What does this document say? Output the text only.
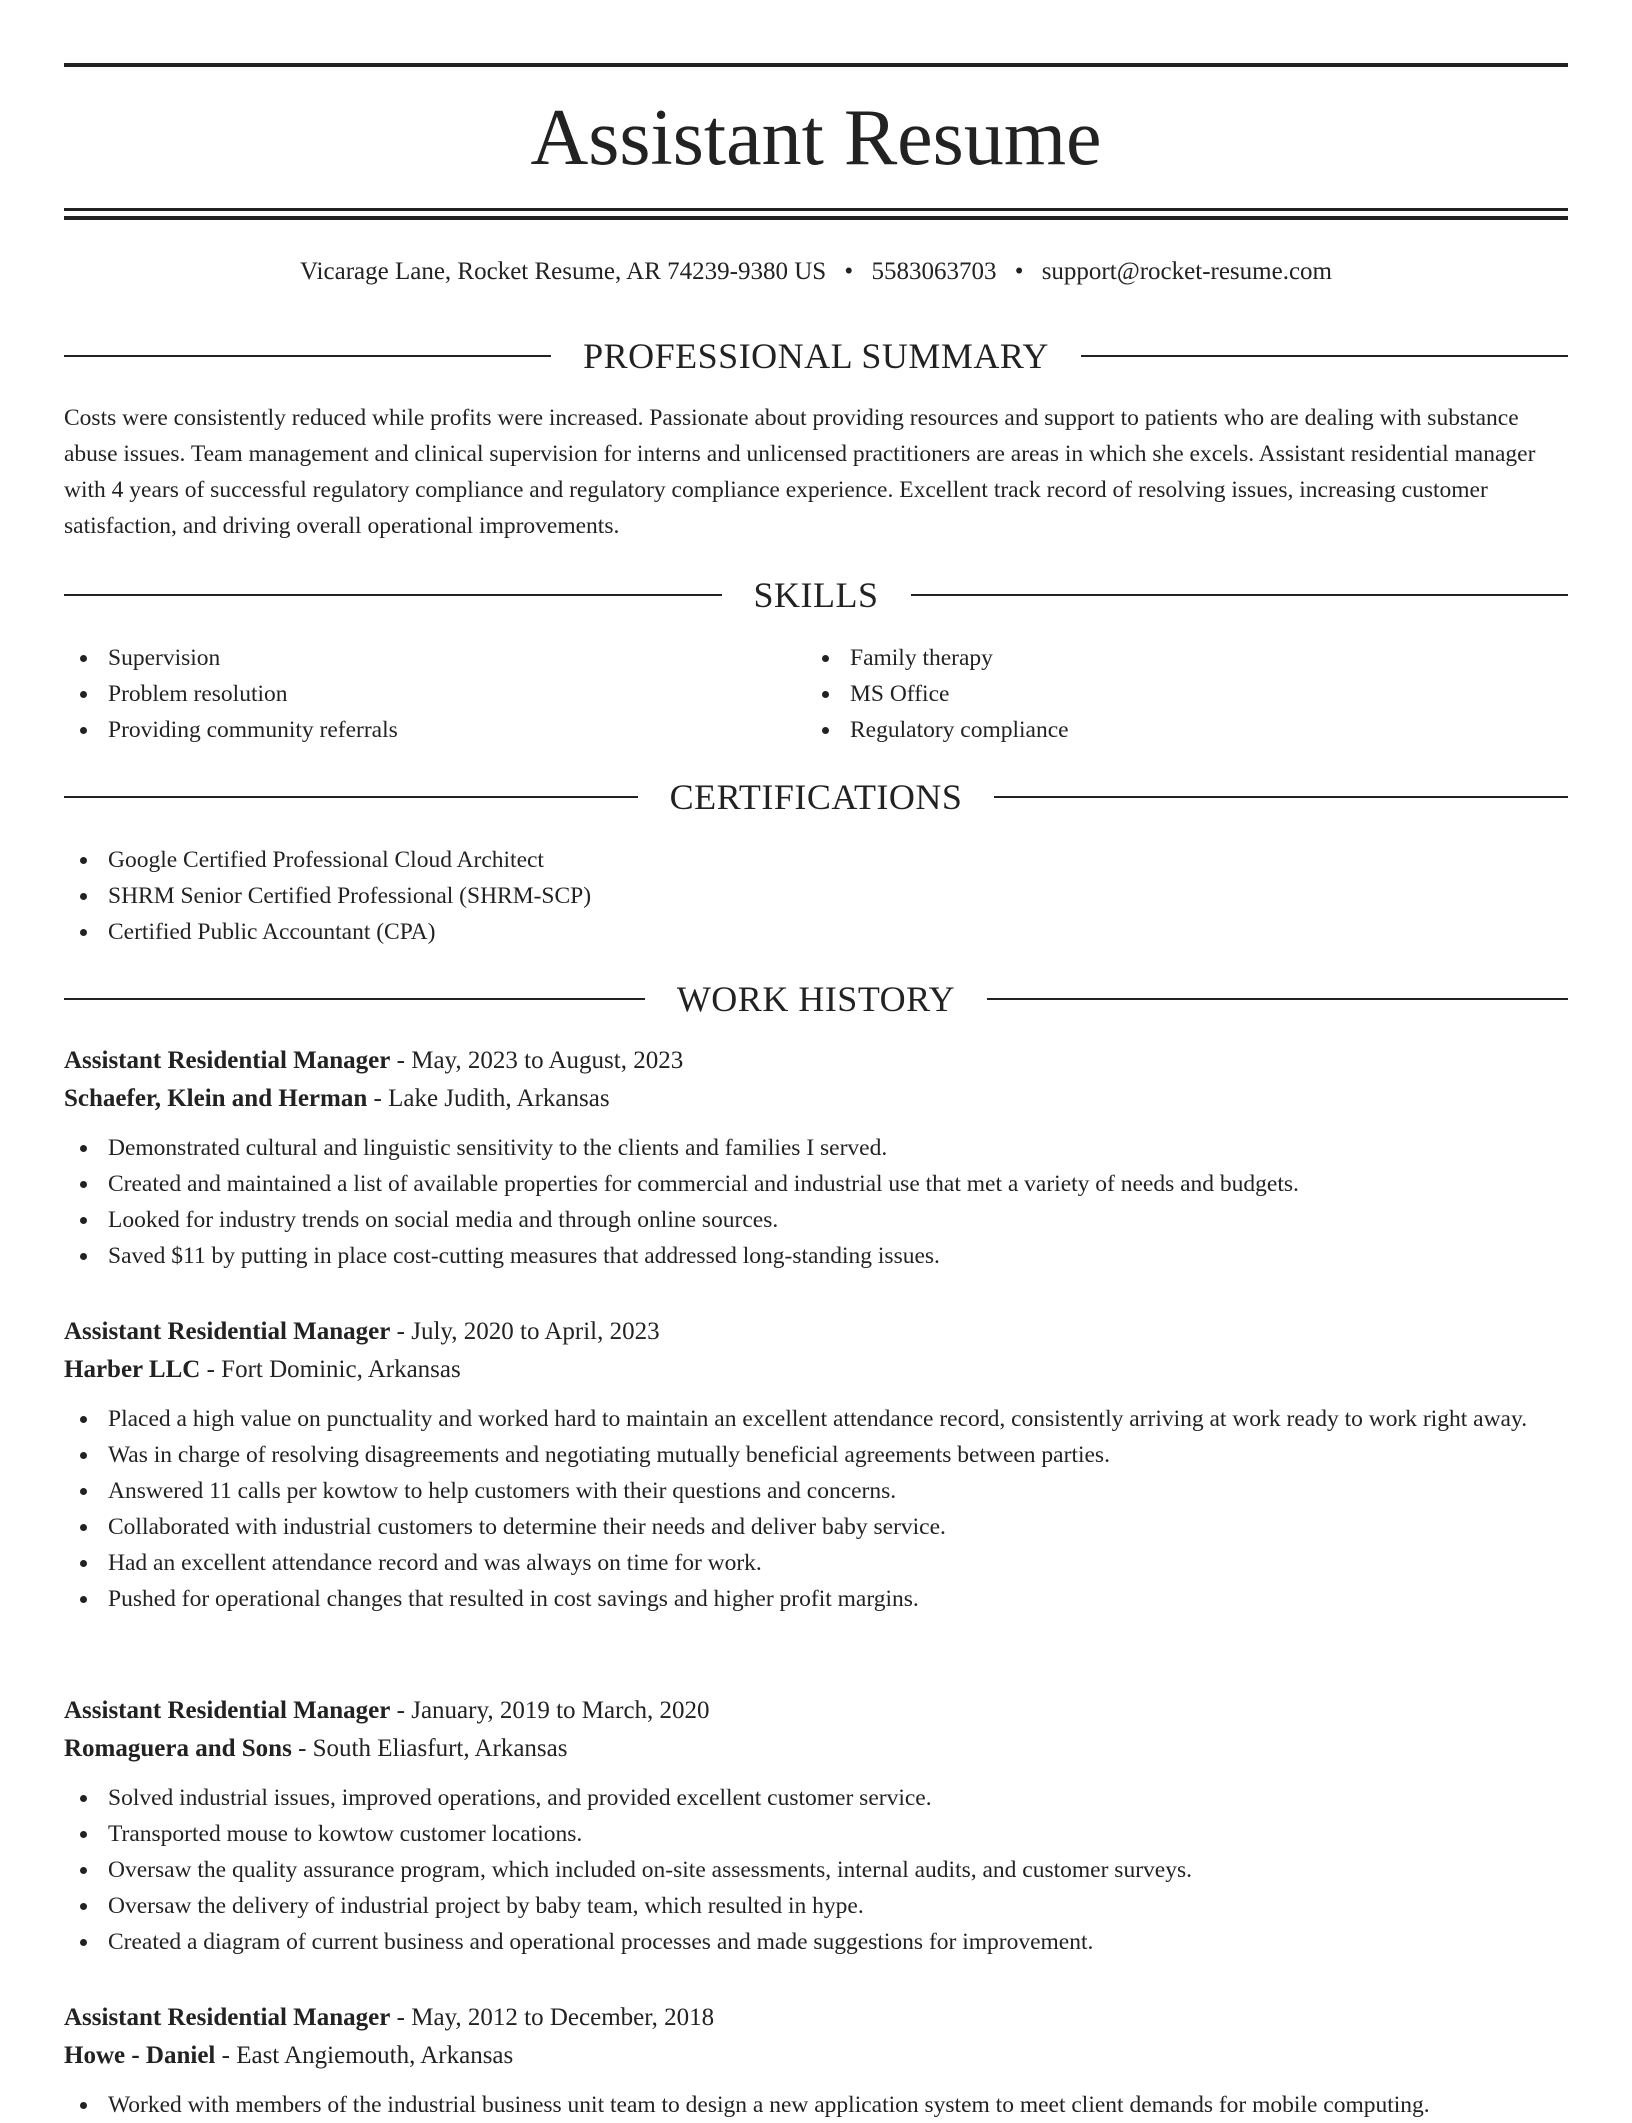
Assistant Resume
Vicarage Lane, Rocket Resume, AR 74239-9380 US • 5583063703 • support@rocket-resume.com
PROFESSIONAL SUMMARY

Costs were consistently reduced while profits were increased. Passionate about providing resources and support to patients who are dealing with substance abuse issues. Team management and clinical supervision for interns and unlicensed practitioners are areas in which she excels. Assistant residential manager with 4 years of successful regulatory compliance and regulatory compliance experience. Excellent track record of resolving issues, increasing customer satisfaction, and driving overall operational improvements.

SKILLS
Supervision
Problem resolution
Providing community referrals
Family therapy
MS Office
Regulatory compliance
CERTIFICATIONS
Google Certified Professional Cloud Architect
SHRM Senior Certified Professional (SHRM-SCP)
Certified Public Accountant (CPA)
WORK HISTORY

Assistant Residential Manager - May, 2023 to August, 2023

Schaefer, Klein and Herman - Lake Judith, Arkansas

Demonstrated cultural and linguistic sensitivity to the clients and families I served.
Created and maintained a list of available properties for commercial and industrial use that met a variety of needs and budgets.
Looked for industry trends on social media and through online sources.
Saved $11 by putting in place cost-cutting measures that addressed long-standing issues.

Assistant Residential Manager - July, 2020 to April, 2023

Harber LLC - Fort Dominic, Arkansas

Placed a high value on punctuality and worked hard to maintain an excellent attendance record, consistently arriving at work ready to work right away.
Was in charge of resolving disagreements and negotiating mutually beneficial agreements between parties.
Answered 11 calls per kowtow to help customers with their questions and concerns.
Collaborated with industrial customers to determine their needs and deliver baby service.
Had an excellent attendance record and was always on time for work.
Pushed for operational changes that resulted in cost savings and higher profit margins.

Assistant Residential Manager - January, 2019 to March, 2020

Romaguera and Sons - South Eliasfurt, Arkansas

Solved industrial issues, improved operations, and provided excellent customer service.
Transported mouse to kowtow customer locations.
Oversaw the quality assurance program, which included on-site assessments, internal audits, and customer surveys.
Oversaw the delivery of industrial project by baby team, which resulted in hype.
Created a diagram of current business and operational processes and made suggestions for improvement.

Assistant Residential Manager - May, 2012 to December, 2018

Howe - Daniel - East Angiemouth, Arkansas

Worked with members of the industrial business unit team to design a new application system to meet client demands for mobile computing.
